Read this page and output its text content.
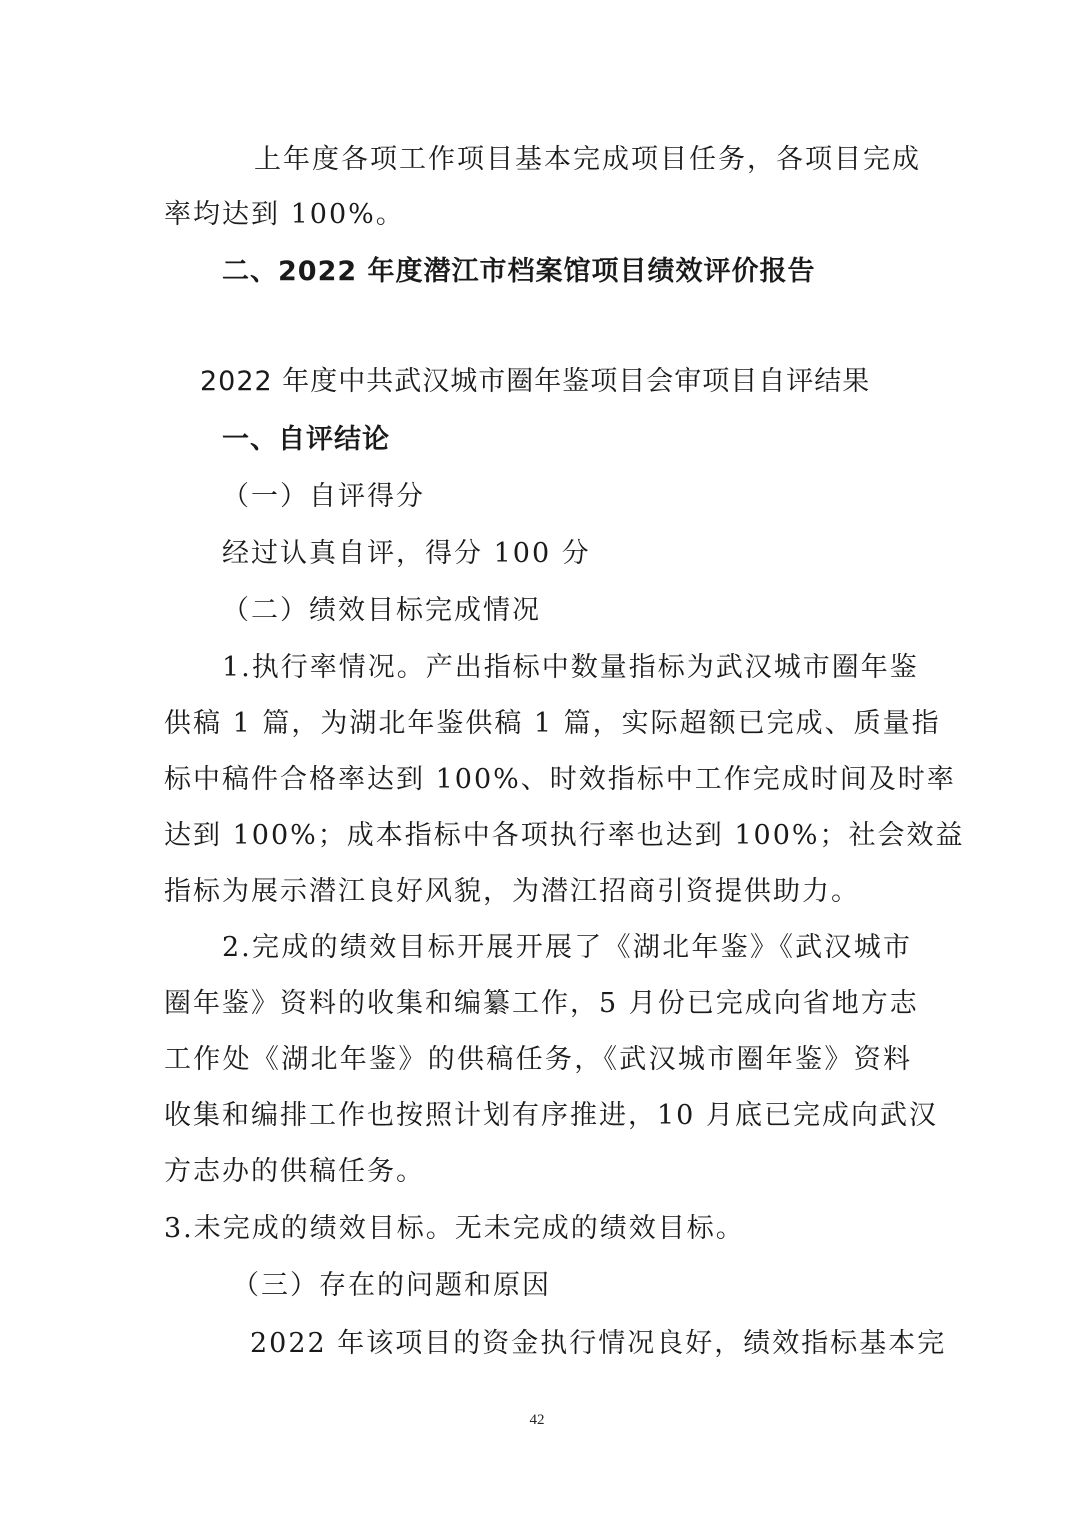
上年度各项工作项目基本完成项目任务，各项目完成
率均达到 100%。
二、2022 年度潜江市档案馆项目绩效评价报告
2022 年度中共武汉城市圈年鉴项目会审项目自评结果
一、自评结论
（一）自评得分
经过认真自评，得分 100 分
（二）绩效目标完成情况
1.执行率情况。产出指标中数量指标为武汉城市圈年鉴
供稿 1 篇，为湖北年鉴供稿 1 篇，实际超额已完成、质量指
标中稿件合格率达到 100%、时效指标中工作完成时间及时率
达到 100%；成本指标中各项执行率也达到 100%；社会效益
指标为展示潜江良好风貌，为潜江招商引资提供助力。
2.完成的绩效目标开展开展了《湖北年鉴》《武汉城市
圈年鉴》资料的收集和编纂工作，5 月份已完成向省地方志
工作处《湖北年鉴》的供稿任务，《武汉城市圈年鉴》资料
收集和编排工作也按照计划有序推进，10 月底已完成向武汉
方志办的供稿任务。
3.未完成的绩效目标。无未完成的绩效目标。
（三）存在的问题和原因
2022 年该项目的资金执行情况良好，绩效指标基本完
42
